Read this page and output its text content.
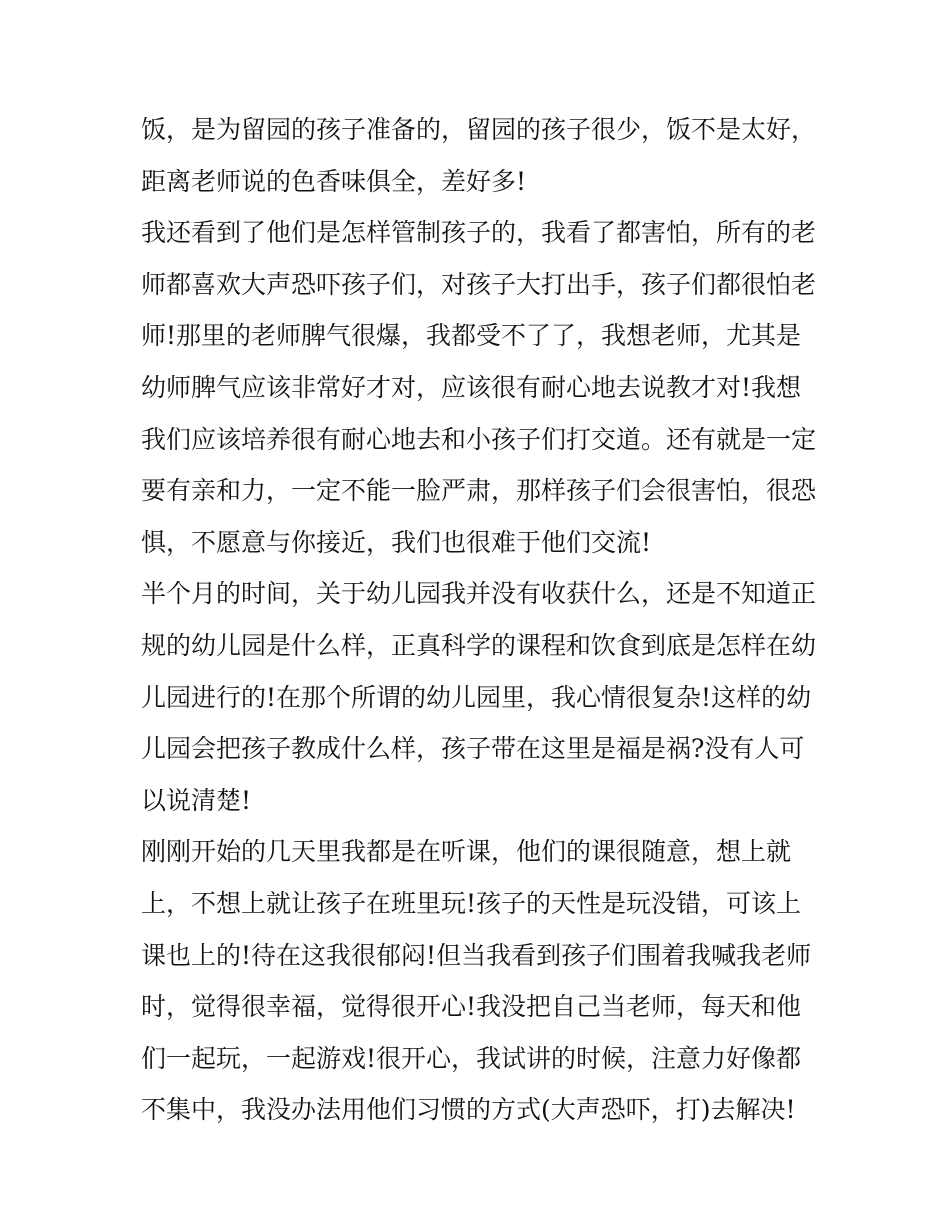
饭，是为留园的孩子准备的，留园的孩子很少，饭不是太好，
距离老师说的色香味俱全，差好多!
我还看到了他们是怎样管制孩子的，我看了都害怕，所有的老
师都喜欢大声恐吓孩子们，对孩子大打出手，孩子们都很怕老
师!那里的老师脾气很爆，我都受不了了，我想老师，尤其是
幼师脾气应该非常好才对，应该很有耐心地去说教才对!我想
我们应该培养很有耐心地去和小孩子们打交道。还有就是一定
要有亲和力，一定不能一脸严肃，那样孩子们会很害怕，很恐
惧，不愿意与你接近，我们也很难于他们交流!
半个月的时间，关于幼儿园我并没有收获什么，还是不知道正
规的幼儿园是什么样，正真科学的课程和饮食到底是怎样在幼
儿园进行的!在那个所谓的幼儿园里，我心情很复杂!这样的幼
儿园会把孩子教成什么样，孩子带在这里是福是祸?没有人可
以说清楚!
刚刚开始的几天里我都是在听课，他们的课很随意，想上就
上，不想上就让孩子在班里玩!孩子的天性是玩没错，可该上
课也上的!待在这我很郁闷!但当我看到孩子们围着我喊我老师
时，觉得很幸福，觉得很开心!我没把自己当老师，每天和他
们一起玩，一起游戏!很开心，我试讲的时候，注意力好像都
不集中，我没办法用他们习惯的方式(大声恐吓，打)去解决!
